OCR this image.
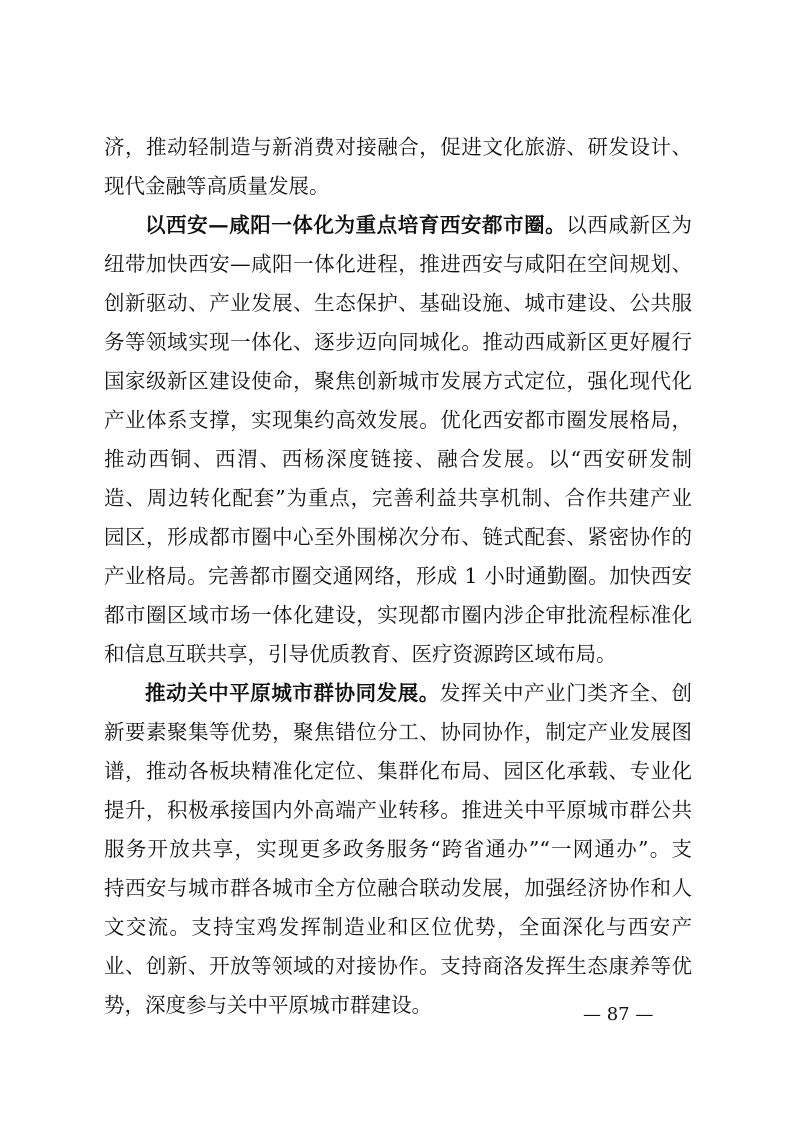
济，推动轻制造与新消费对接融合，促进文化旅游、研发设计、
现代金融等高质量发展。
以西安—咸阳一体化为重点培育西安都市圈。以西咸新区为
纽带加快西安—咸阳一体化进程，推进西安与咸阳在空间规划、
创新驱动、产业发展、生态保护、基础设施、城市建设、公共服
务等领域实现一体化、逐步迈向同城化。推动西咸新区更好履行
国家级新区建设使命，聚焦创新城市发展方式定位，强化现代化
产业体系支撑，实现集约高效发展。优化西安都市圈发展格局，
推动西铜、西渭、西杨深度链接、融合发展。以“西安研发制
造、周边转化配套”为重点，完善利益共享机制、合作共建产业
园区，形成都市圈中心至外围梯次分布、链式配套、紧密协作的
产业格局。完善都市圈交通网络，形成 1 小时通勤圈。加快西安
都市圈区域市场一体化建设，实现都市圈内涉企审批流程标准化
和信息互联共享，引导优质教育、医疗资源跨区域布局。
推动关中平原城市群协同发展。发挥关中产业门类齐全、创
新要素聚集等优势，聚焦错位分工、协同协作，制定产业发展图
谱，推动各板块精准化定位、集群化布局、园区化承载、专业化
提升，积极承接国内外高端产业转移。推进关中平原城市群公共
服务开放共享，实现更多政务服务“跨省通办”“一网通办”。支
持西安与城市群各城市全方位融合联动发展，加强经济协作和人
文交流。支持宝鸡发挥制造业和区位优势，全面深化与西安产
业、创新、开放等领域的对接协作。支持商洛发挥生态康养等优
势，深度参与关中平原城市群建设。	— 87 —
